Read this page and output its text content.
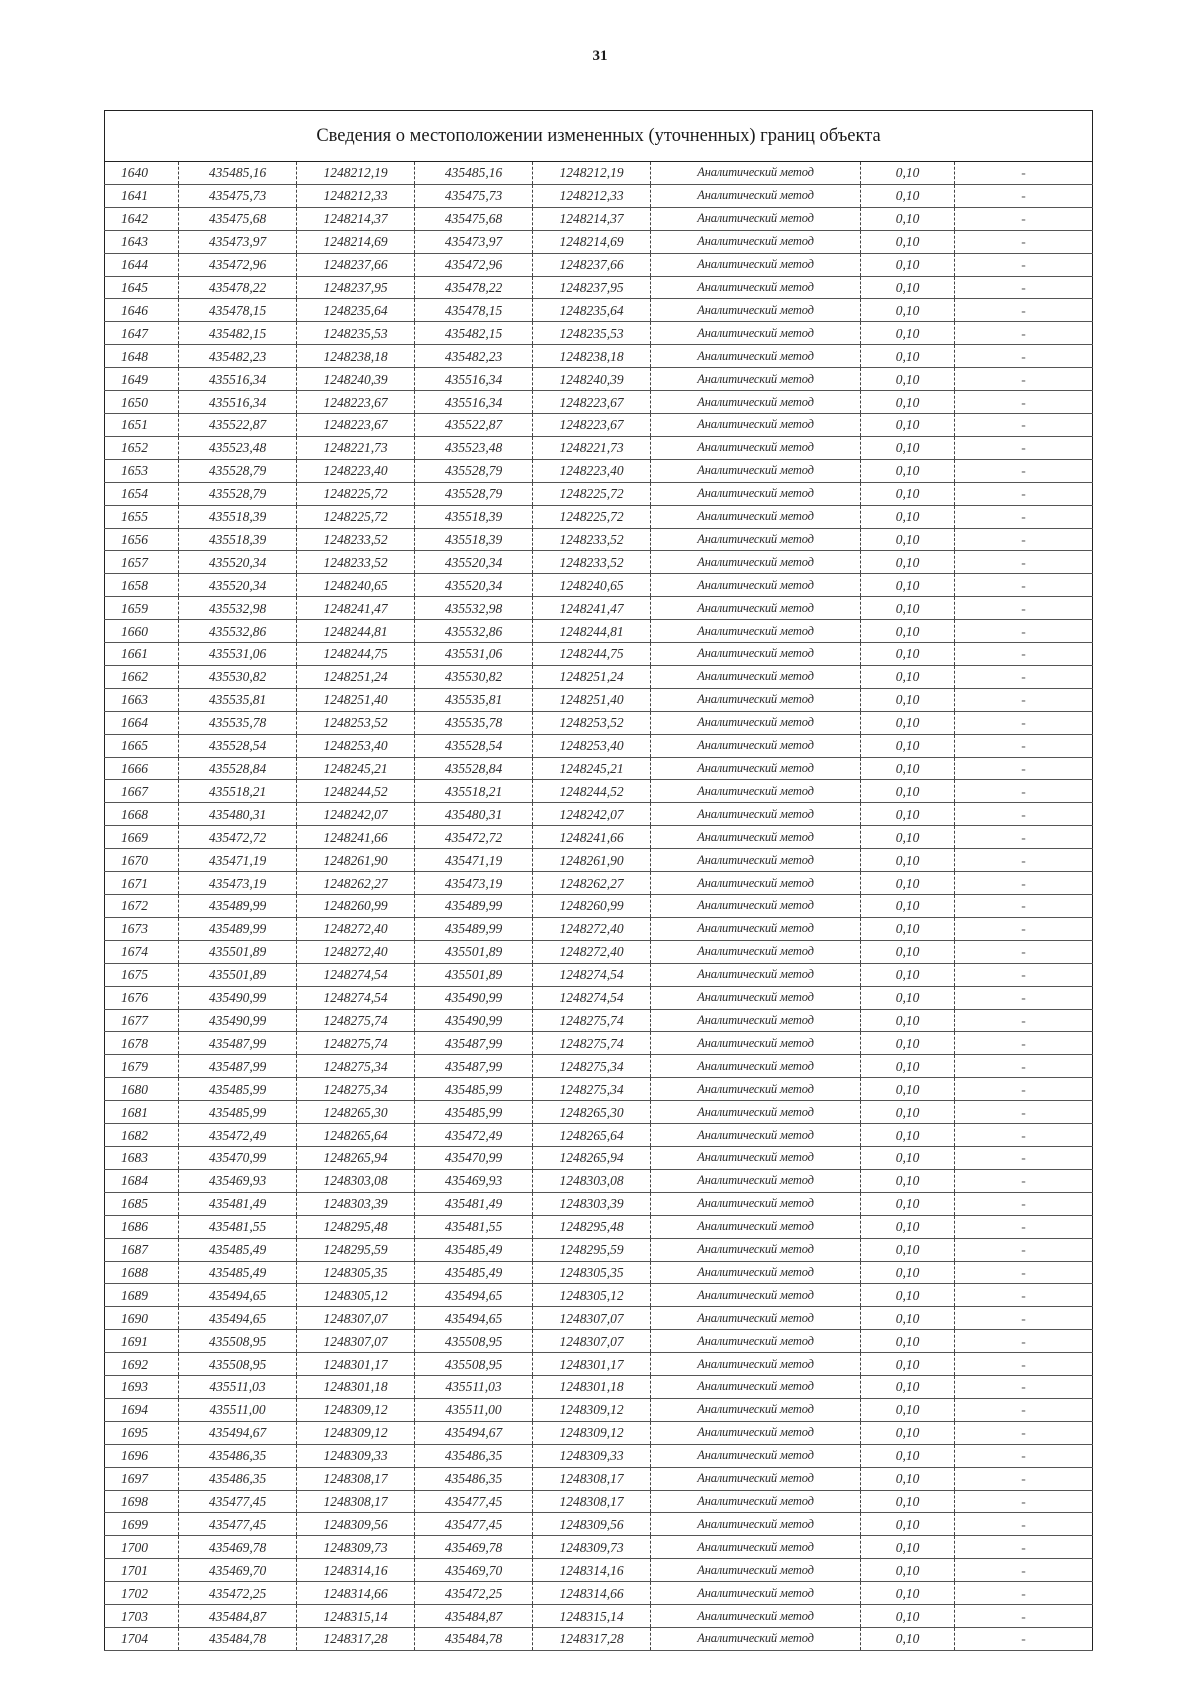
31
Сведения о местоположении измененных (уточненных) границ объекта							
1640	435485,16	1248212,19	435485,16	1248212,19	Аналитический метод	0,10	-
1641	435475,73	1248212,33	435475,73	1248212,33	Аналитический метод	0,10	-
1642	435475,68	1248214,37	435475,68	1248214,37	Аналитический метод	0,10	-
1643	435473,97	1248214,69	435473,97	1248214,69	Аналитический метод	0,10	-
1644	435472,96	1248237,66	435472,96	1248237,66	Аналитический метод	0,10	-
1645	435478,22	1248237,95	435478,22	1248237,95	Аналитический метод	0,10	-
1646	435478,15	1248235,64	435478,15	1248235,64	Аналитический метод	0,10	-
1647	435482,15	1248235,53	435482,15	1248235,53	Аналитический метод	0,10	-
1648	435482,23	1248238,18	435482,23	1248238,18	Аналитический метод	0,10	-
1649	435516,34	1248240,39	435516,34	1248240,39	Аналитический метод	0,10	-
1650	435516,34	1248223,67	435516,34	1248223,67	Аналитический метод	0,10	-
1651	435522,87	1248223,67	435522,87	1248223,67	Аналитический метод	0,10	-
1652	435523,48	1248221,73	435523,48	1248221,73	Аналитический метод	0,10	-
1653	435528,79	1248223,40	435528,79	1248223,40	Аналитический метод	0,10	-
1654	435528,79	1248225,72	435528,79	1248225,72	Аналитический метод	0,10	-
1655	435518,39	1248225,72	435518,39	1248225,72	Аналитический метод	0,10	-
1656	435518,39	1248233,52	435518,39	1248233,52	Аналитический метод	0,10	-
1657	435520,34	1248233,52	435520,34	1248233,52	Аналитический метод	0,10	-
1658	435520,34	1248240,65	435520,34	1248240,65	Аналитический метод	0,10	-
1659	435532,98	1248241,47	435532,98	1248241,47	Аналитический метод	0,10	-
1660	435532,86	1248244,81	435532,86	1248244,81	Аналитический метод	0,10	-
1661	435531,06	1248244,75	435531,06	1248244,75	Аналитический метод	0,10	-
1662	435530,82	1248251,24	435530,82	1248251,24	Аналитический метод	0,10	-
1663	435535,81	1248251,40	435535,81	1248251,40	Аналитический метод	0,10	-
1664	435535,78	1248253,52	435535,78	1248253,52	Аналитический метод	0,10	-
1665	435528,54	1248253,40	435528,54	1248253,40	Аналитический метод	0,10	-
1666	435528,84	1248245,21	435528,84	1248245,21	Аналитический метод	0,10	-
1667	435518,21	1248244,52	435518,21	1248244,52	Аналитический метод	0,10	-
1668	435480,31	1248242,07	435480,31	1248242,07	Аналитический метод	0,10	-
1669	435472,72	1248241,66	435472,72	1248241,66	Аналитический метод	0,10	-
1670	435471,19	1248261,90	435471,19	1248261,90	Аналитический метод	0,10	-
1671	435473,19	1248262,27	435473,19	1248262,27	Аналитический метод	0,10	-
1672	435489,99	1248260,99	435489,99	1248260,99	Аналитический метод	0,10	-
1673	435489,99	1248272,40	435489,99	1248272,40	Аналитический метод	0,10	-
1674	435501,89	1248272,40	435501,89	1248272,40	Аналитический метод	0,10	-
1675	435501,89	1248274,54	435501,89	1248274,54	Аналитический метод	0,10	-
1676	435490,99	1248274,54	435490,99	1248274,54	Аналитический метод	0,10	-
1677	435490,99	1248275,74	435490,99	1248275,74	Аналитический метод	0,10	-
1678	435487,99	1248275,74	435487,99	1248275,74	Аналитический метод	0,10	-
1679	435487,99	1248275,34	435487,99	1248275,34	Аналитический метод	0,10	-
1680	435485,99	1248275,34	435485,99	1248275,34	Аналитический метод	0,10	-
1681	435485,99	1248265,30	435485,99	1248265,30	Аналитический метод	0,10	-
1682	435472,49	1248265,64	435472,49	1248265,64	Аналитический метод	0,10	-
1683	435470,99	1248265,94	435470,99	1248265,94	Аналитический метод	0,10	-
1684	435469,93	1248303,08	435469,93	1248303,08	Аналитический метод	0,10	-
1685	435481,49	1248303,39	435481,49	1248303,39	Аналитический метод	0,10	-
1686	435481,55	1248295,48	435481,55	1248295,48	Аналитический метод	0,10	-
1687	435485,49	1248295,59	435485,49	1248295,59	Аналитический метод	0,10	-
1688	435485,49	1248305,35	435485,49	1248305,35	Аналитический метод	0,10	-
1689	435494,65	1248305,12	435494,65	1248305,12	Аналитический метод	0,10	-
1690	435494,65	1248307,07	435494,65	1248307,07	Аналитический метод	0,10	-
1691	435508,95	1248307,07	435508,95	1248307,07	Аналитический метод	0,10	-
1692	435508,95	1248301,17	435508,95	1248301,17	Аналитический метод	0,10	-
1693	435511,03	1248301,18	435511,03	1248301,18	Аналитический метод	0,10	-
1694	435511,00	1248309,12	435511,00	1248309,12	Аналитический метод	0,10	-
1695	435494,67	1248309,12	435494,67	1248309,12	Аналитический метод	0,10	-
1696	435486,35	1248309,33	435486,35	1248309,33	Аналитический метод	0,10	-
1697	435486,35	1248308,17	435486,35	1248308,17	Аналитический метод	0,10	-
1698	435477,45	1248308,17	435477,45	1248308,17	Аналитический метод	0,10	-
1699	435477,45	1248309,56	435477,45	1248309,56	Аналитический метод	0,10	-
1700	435469,78	1248309,73	435469,78	1248309,73	Аналитический метод	0,10	-
1701	435469,70	1248314,16	435469,70	1248314,16	Аналитический метод	0,10	-
1702	435472,25	1248314,66	435472,25	1248314,66	Аналитический метод	0,10	-
1703	435484,87	1248315,14	435484,87	1248315,14	Аналитический метод	0,10	-
1704	435484,78	1248317,28	435484,78	1248317,28	Аналитический метод	0,10	-
